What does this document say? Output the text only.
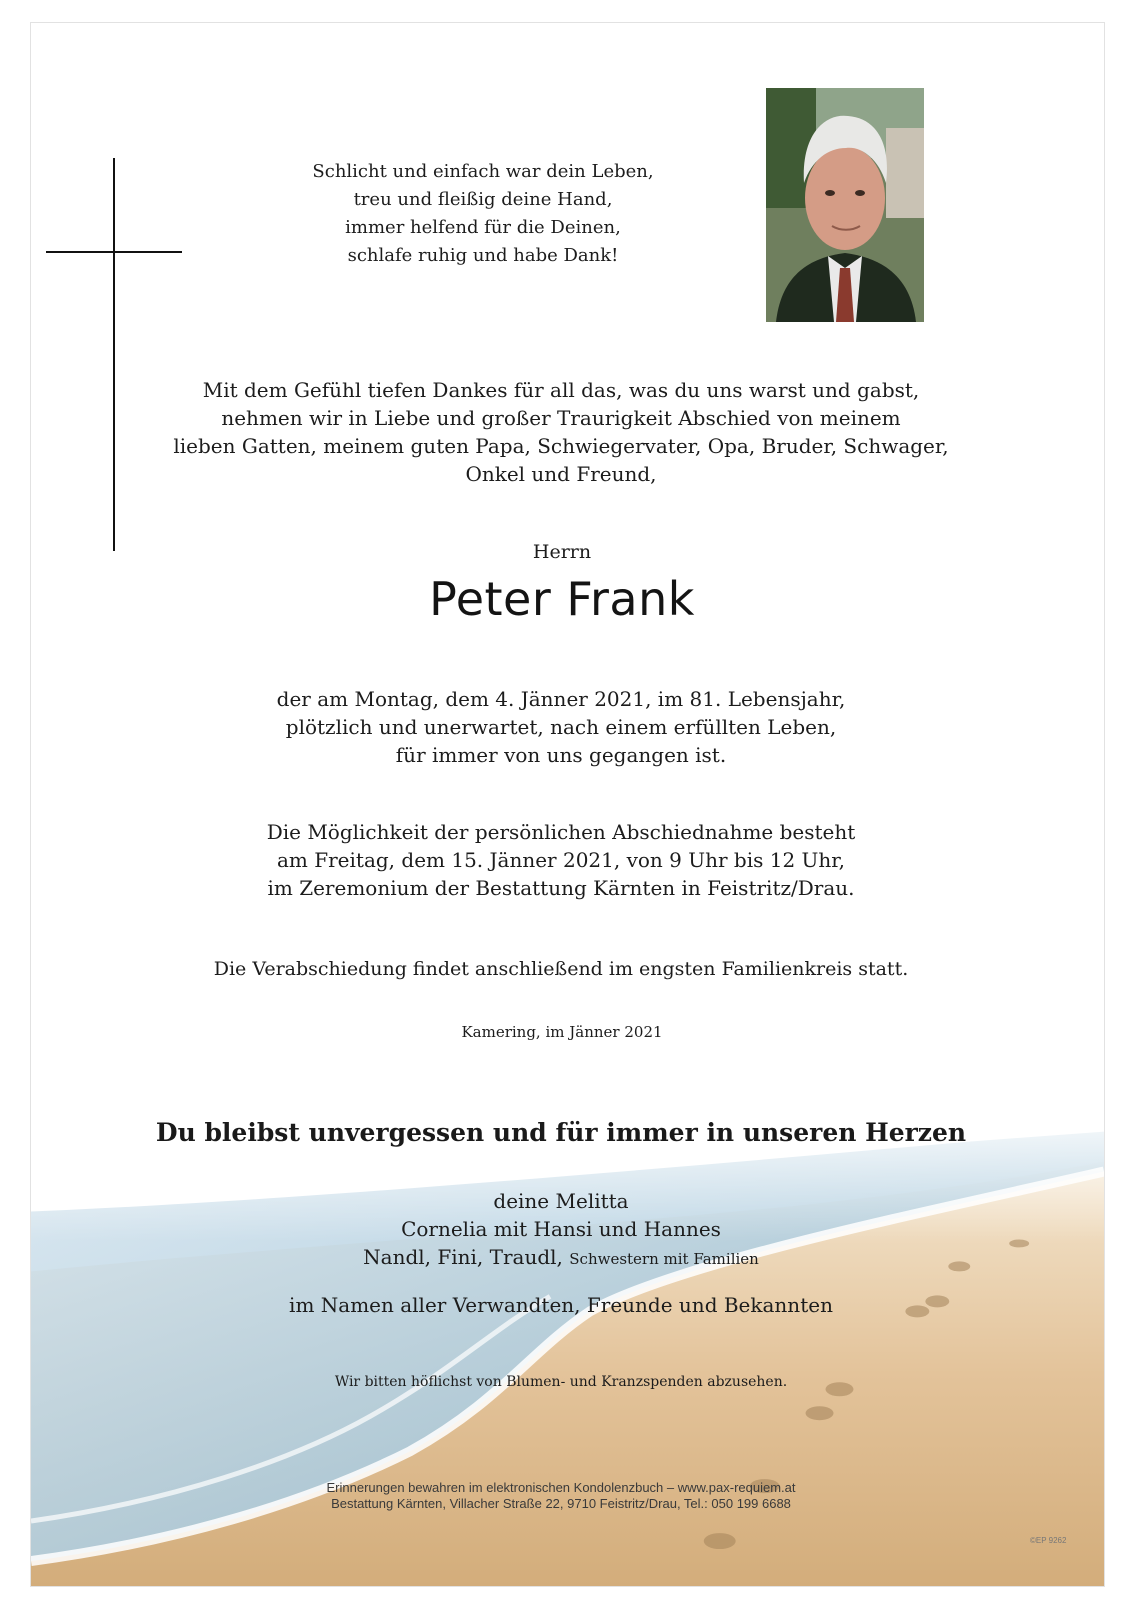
Schlicht und einfach war dein Leben,
treu und fleißig deine Hand,
immer helfend für die Deinen,
schlafe ruhig und habe Dank!
Mit dem Gefühl tiefen Dankes für all das, was du uns warst und gabst,
nehmen wir in Liebe und großer Traurigkeit Abschied von meinem
lieben Gatten, meinem guten Papa, Schwiegervater, Opa, Bruder, Schwager,
Onkel und Freund,
Herrn
Peter Frank
der am Montag, dem 4. Jänner 2021, im 81. Lebensjahr,
plötzlich und unerwartet, nach einem erfüllten Leben,
für immer von uns gegangen ist.
Die Möglichkeit der persönlichen Abschiednahme besteht
am Freitag, dem 15. Jänner 2021, von 9 Uhr bis 12 Uhr,
im Zeremonium der Bestattung Kärnten in Feistritz/Drau.
Die Verabschiedung findet anschließend im engsten Familienkreis statt.
Kamering, im Jänner 2021
Du bleibst unvergessen und für immer in unseren Herzen
deine Melitta
Cornelia mit Hansi und Hannes
Nandl, Fini, Traudl, Schwestern mit Familien
im Namen aller Verwandten, Freunde und Bekannten
Wir bitten höflichst von Blumen- und Kranzspenden abzusehen.
Erinnerungen bewahren im elektronischen Kondolenzbuch – www.pax-requiem.at
Bestattung Kärnten, Villacher Straße 22, 9710 Feistritz/Drau, Tel.: 050 199 6688
©EP 9262
